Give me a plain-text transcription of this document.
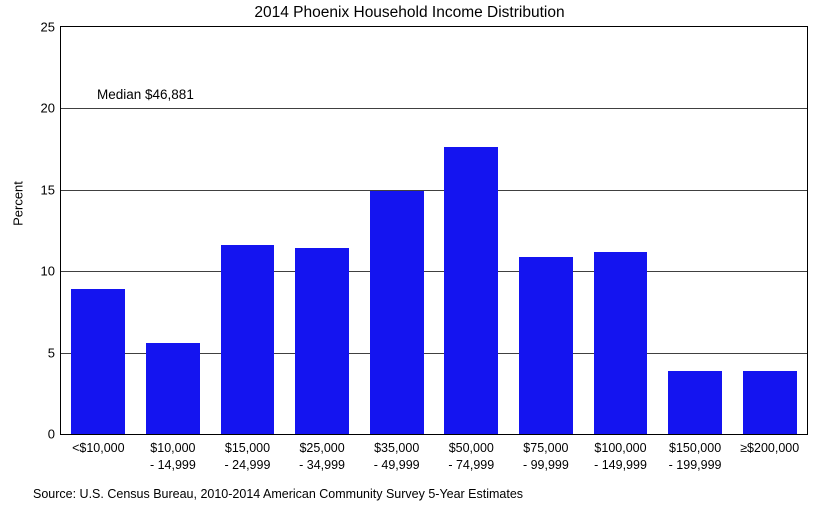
2014 Phoenix Household Income Distribution
0
5
10
15
20
25
Percent
Median $46,881
<$10,000	$10,000
- 14,999
$15,000
- 24,999
$25,000
- 34,999
$35,000
- 49,999
$50,000
- 74,999
$75,000
- 99,999
$100,000
- 149,999
$150,000
- 199,999
≥$200,000
Source: U.S. Census Bureau, 2010-2014 American Community Survey 5-Year Estimates
